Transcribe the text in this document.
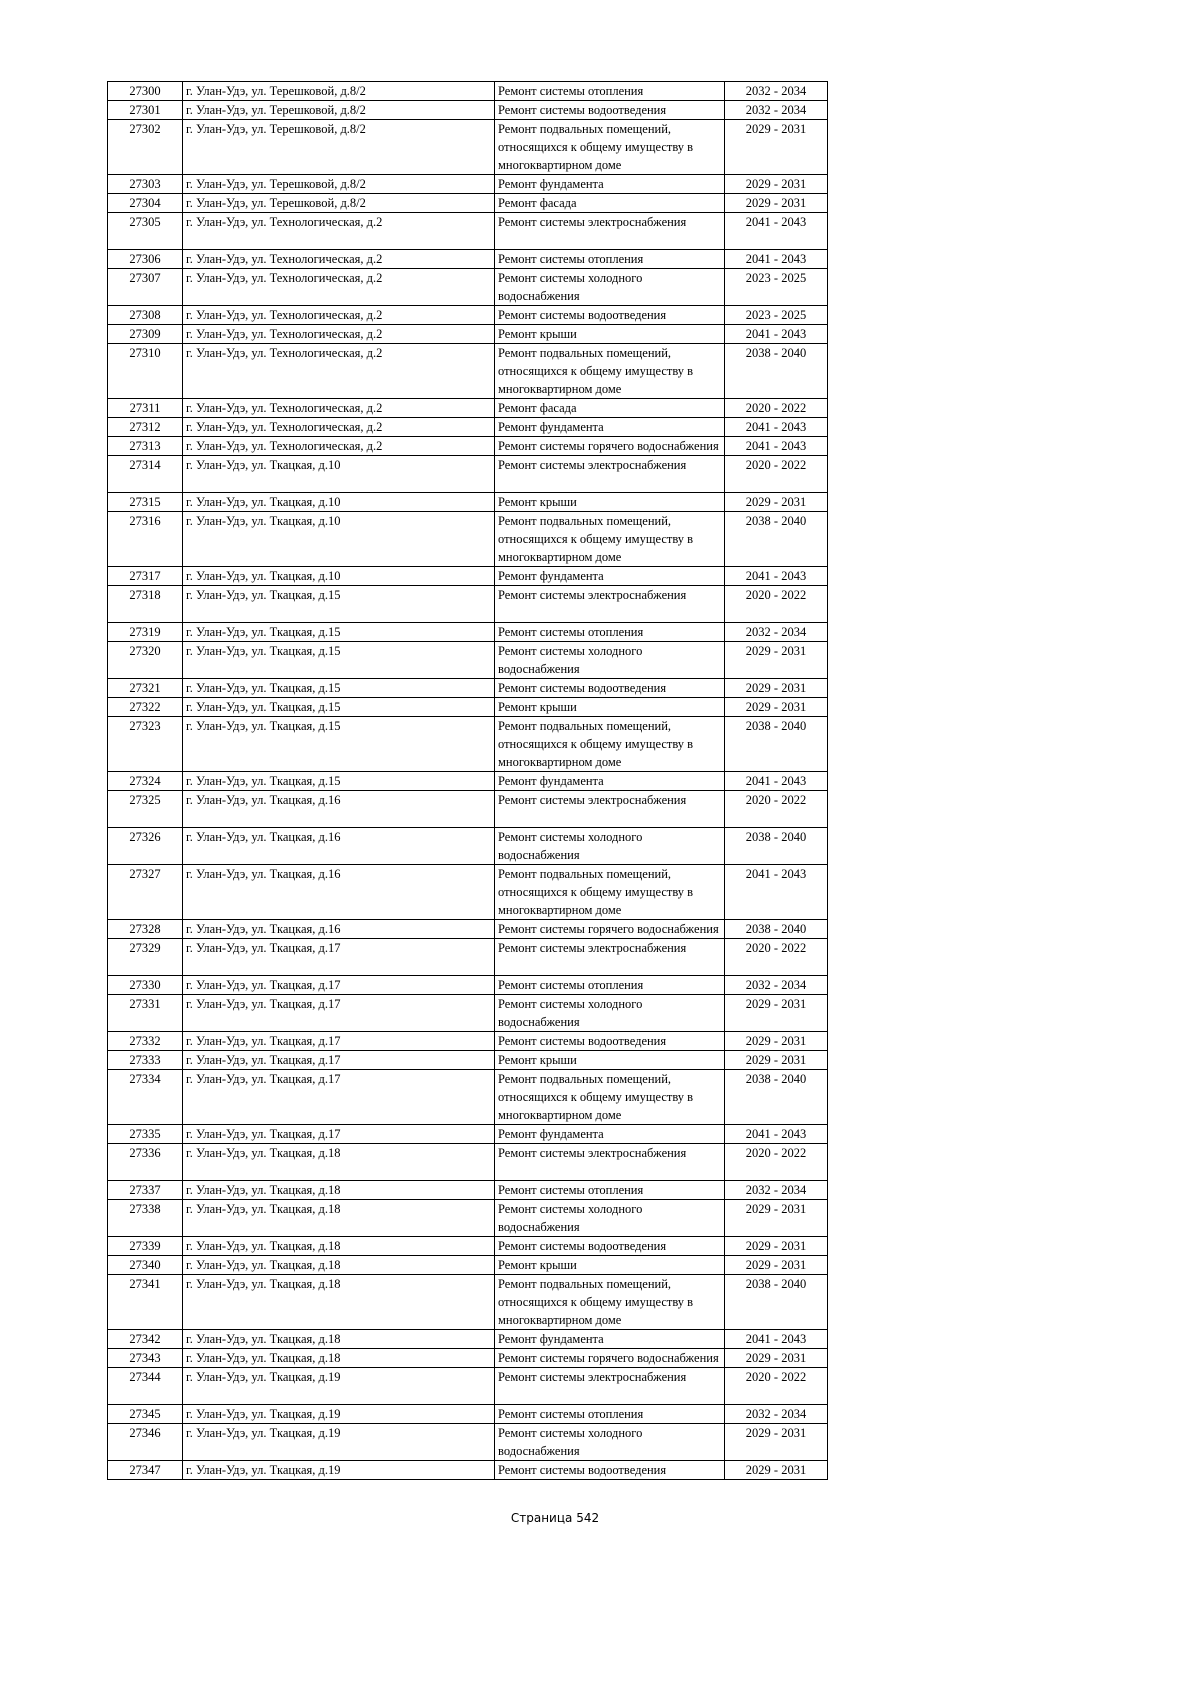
27300	г. Улан-Удэ, ул. Терешковой, д.8/2	Ремонт системы отопления	2032 - 2034
27301	г. Улан-Удэ, ул. Терешковой, д.8/2	Ремонт системы водоотведения	2032 - 2034
27302	г. Улан-Удэ, ул. Терешковой, д.8/2	Ремонт подвальных помещений, относящихся к общему имуществу в многоквартирном доме	2029 - 2031
27303	г. Улан-Удэ, ул. Терешковой, д.8/2	Ремонт фундамента	2029 - 2031
27304	г. Улан-Удэ, ул. Терешковой, д.8/2	Ремонт фасада	2029 - 2031
27305	г. Улан-Удэ, ул. Технологическая, д.2	Ремонт системы электроснабжения	2041 - 2043
27306	г. Улан-Удэ, ул. Технологическая, д.2	Ремонт системы отопления	2041 - 2043
27307	г. Улан-Удэ, ул. Технологическая, д.2	Ремонт системы холодного водоснабжения	2023 - 2025
27308	г. Улан-Удэ, ул. Технологическая, д.2	Ремонт системы водоотведения	2023 - 2025
27309	г. Улан-Удэ, ул. Технологическая, д.2	Ремонт крыши	2041 - 2043
27310	г. Улан-Удэ, ул. Технологическая, д.2	Ремонт подвальных помещений, относящихся к общему имуществу в многоквартирном доме	2038 - 2040
27311	г. Улан-Удэ, ул. Технологическая, д.2	Ремонт фасада	2020 - 2022
27312	г. Улан-Удэ, ул. Технологическая, д.2	Ремонт фундамента	2041 - 2043
27313	г. Улан-Удэ, ул. Технологическая, д.2	Ремонт системы горячего водоснабжения	2041 - 2043
27314	г. Улан-Удэ, ул. Ткацкая, д.10	Ремонт системы электроснабжения	2020 - 2022
27315	г. Улан-Удэ, ул. Ткацкая, д.10	Ремонт крыши	2029 - 2031
27316	г. Улан-Удэ, ул. Ткацкая, д.10	Ремонт подвальных помещений, относящихся к общему имуществу в многоквартирном доме	2038 - 2040
27317	г. Улан-Удэ, ул. Ткацкая, д.10	Ремонт фундамента	2041 - 2043
27318	г. Улан-Удэ, ул. Ткацкая, д.15	Ремонт системы электроснабжения	2020 - 2022
27319	г. Улан-Удэ, ул. Ткацкая, д.15	Ремонт системы отопления	2032 - 2034
27320	г. Улан-Удэ, ул. Ткацкая, д.15	Ремонт системы холодного водоснабжения	2029 - 2031
27321	г. Улан-Удэ, ул. Ткацкая, д.15	Ремонт системы водоотведения	2029 - 2031
27322	г. Улан-Удэ, ул. Ткацкая, д.15	Ремонт крыши	2029 - 2031
27323	г. Улан-Удэ, ул. Ткацкая, д.15	Ремонт подвальных помещений, относящихся к общему имуществу в многоквартирном доме	2038 - 2040
27324	г. Улан-Удэ, ул. Ткацкая, д.15	Ремонт фундамента	2041 - 2043
27325	г. Улан-Удэ, ул. Ткацкая, д.16	Ремонт системы электроснабжения	2020 - 2022
27326	г. Улан-Удэ, ул. Ткацкая, д.16	Ремонт системы холодного водоснабжения	2038 - 2040
27327	г. Улан-Удэ, ул. Ткацкая, д.16	Ремонт подвальных помещений, относящихся к общему имуществу в многоквартирном доме	2041 - 2043
27328	г. Улан-Удэ, ул. Ткацкая, д.16	Ремонт системы горячего водоснабжения	2038 - 2040
27329	г. Улан-Удэ, ул. Ткацкая, д.17	Ремонт системы электроснабжения	2020 - 2022
27330	г. Улан-Удэ, ул. Ткацкая, д.17	Ремонт системы отопления	2032 - 2034
27331	г. Улан-Удэ, ул. Ткацкая, д.17	Ремонт системы холодного водоснабжения	2029 - 2031
27332	г. Улан-Удэ, ул. Ткацкая, д.17	Ремонт системы водоотведения	2029 - 2031
27333	г. Улан-Удэ, ул. Ткацкая, д.17	Ремонт крыши	2029 - 2031
27334	г. Улан-Удэ, ул. Ткацкая, д.17	Ремонт подвальных помещений, относящихся к общему имуществу в многоквартирном доме	2038 - 2040
27335	г. Улан-Удэ, ул. Ткацкая, д.17	Ремонт фундамента	2041 - 2043
27336	г. Улан-Удэ, ул. Ткацкая, д.18	Ремонт системы электроснабжения	2020 - 2022
27337	г. Улан-Удэ, ул. Ткацкая, д.18	Ремонт системы отопления	2032 - 2034
27338	г. Улан-Удэ, ул. Ткацкая, д.18	Ремонт системы холодного водоснабжения	2029 - 2031
27339	г. Улан-Удэ, ул. Ткацкая, д.18	Ремонт системы водоотведения	2029 - 2031
27340	г. Улан-Удэ, ул. Ткацкая, д.18	Ремонт крыши	2029 - 2031
27341	г. Улан-Удэ, ул. Ткацкая, д.18	Ремонт подвальных помещений, относящихся к общему имуществу в многоквартирном доме	2038 - 2040
27342	г. Улан-Удэ, ул. Ткацкая, д.18	Ремонт фундамента	2041 - 2043
27343	г. Улан-Удэ, ул. Ткацкая, д.18	Ремонт системы горячего водоснабжения	2029 - 2031
27344	г. Улан-Удэ, ул. Ткацкая, д.19	Ремонт системы электроснабжения	2020 - 2022
27345	г. Улан-Удэ, ул. Ткацкая, д.19	Ремонт системы отопления	2032 - 2034
27346	г. Улан-Удэ, ул. Ткацкая, д.19	Ремонт системы холодного водоснабжения	2029 - 2031
27347	г. Улан-Удэ, ул. Ткацкая, д.19	Ремонт системы водоотведения	2029 - 2031
Страница 542
